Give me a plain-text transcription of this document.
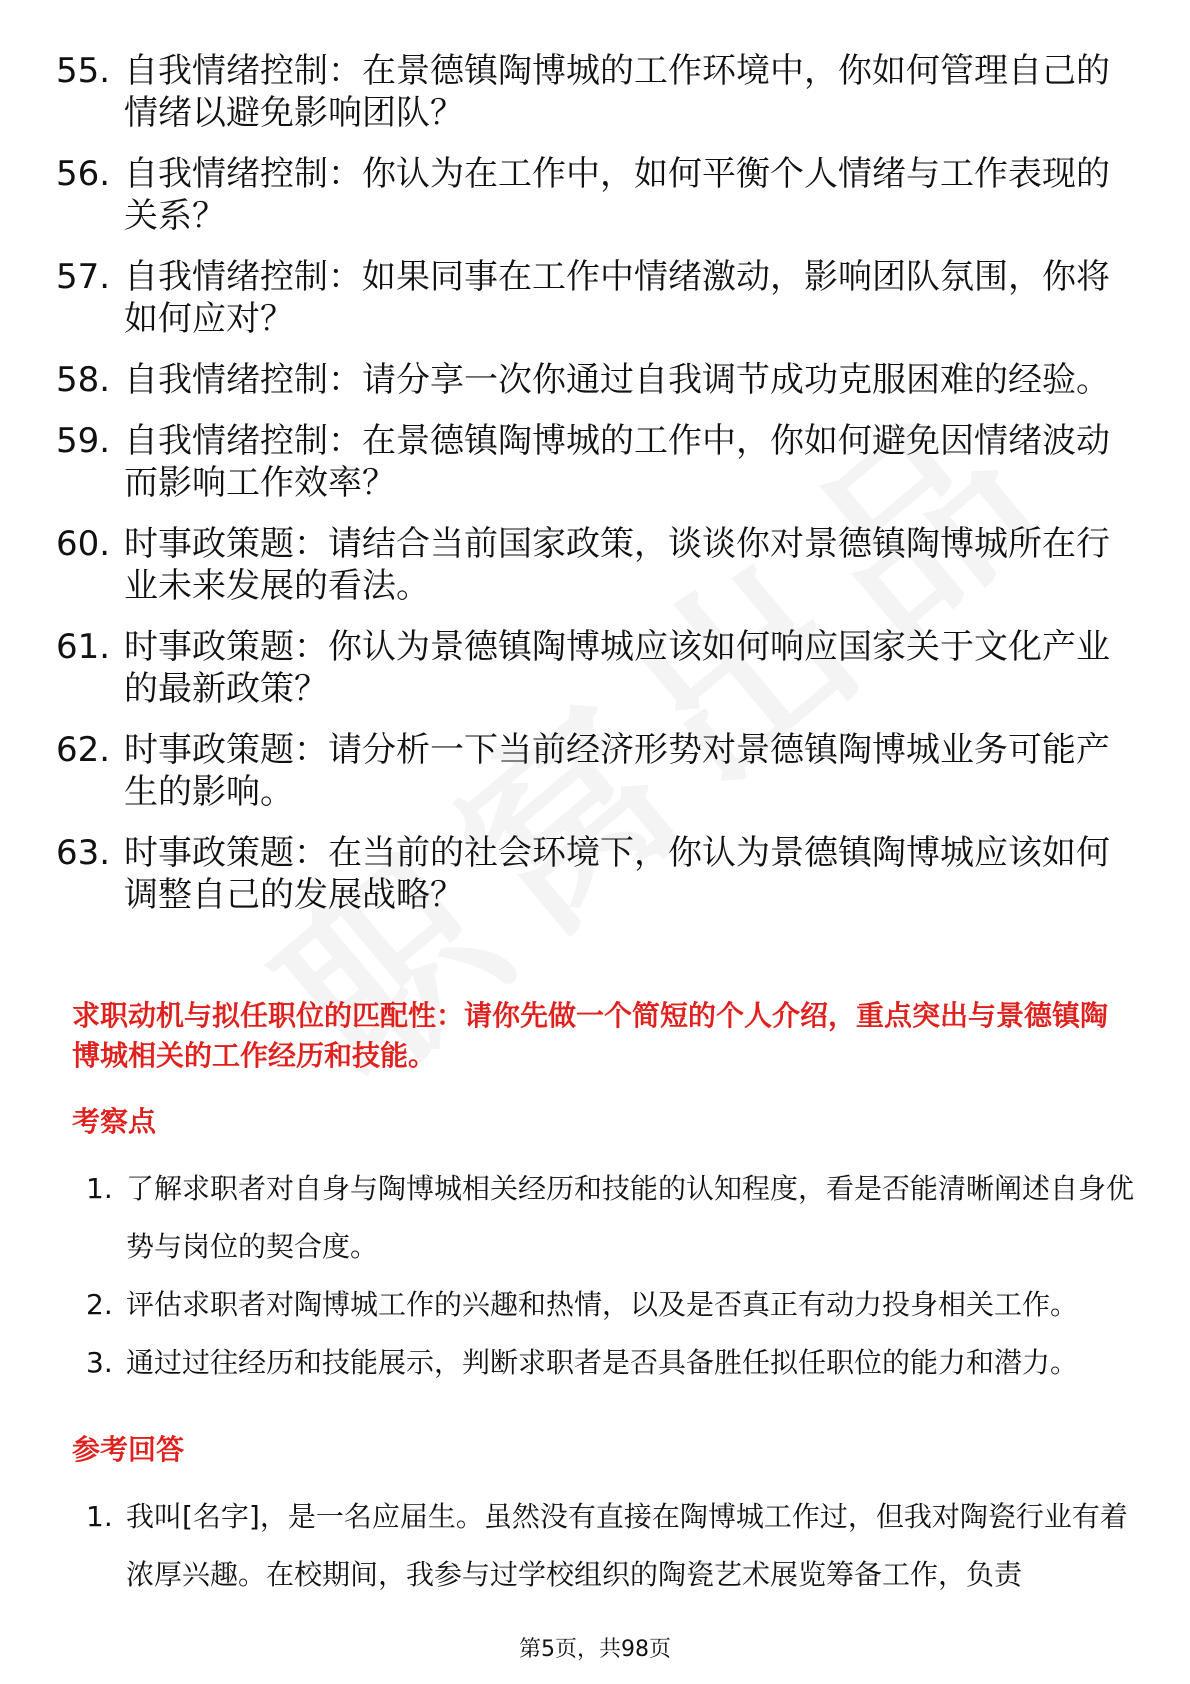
55. 自我情绪控制：在景德镇陶博城的工作环境中，你如何管理自己的情绪以避免影响团队？
56. 自我情绪控制：你认为在工作中，如何平衡个人情绪与工作表现的关系？
57. 自我情绪控制：如果同事在工作中情绪激动，影响团队氛围，你将如何应对？
58. 自我情绪控制：请分享一次你通过自我调节成功克服困难的经验。
59. 自我情绪控制：在景德镇陶博城的工作中，你如何避免因情绪波动而影响工作效率？
60. 时事政策题：请结合当前国家政策，谈谈你对景德镇陶博城所在行业未来发展的看法。
61. 时事政策题：你认为景德镇陶博城应该如何响应国家关于文化产业的最新政策？
62. 时事政策题：请分析一下当前经济形势对景德镇陶博城业务可能产生的影响。
63. 时事政策题：在当前的社会环境下，你认为景德镇陶博城应该如何调整自己的发展战略？
求职动机与拟任职位的匹配性：请你先做一个简短的个人介绍，重点突出与景德镇陶博城相关的工作经历和技能。
考察点
1. 了解求职者对自身与陶博城相关经历和技能的认知程度，看是否能清晰阐述自身优势与岗位的契合度。
2. 评估求职者对陶博城工作的兴趣和热情，以及是否真正有动力投身相关工作。
3. 通过过往经历和技能展示，判断求职者是否具备胜任拟任职位的能力和潜力。
参考回答
1. 我叫[名字]，是一名应届生。虽然没有直接在陶博城工作过，但我对陶瓷行业有着浓厚兴趣。在校期间，我参与过学校组织的陶瓷艺术展览筹备工作，负责
第5页，共98页
